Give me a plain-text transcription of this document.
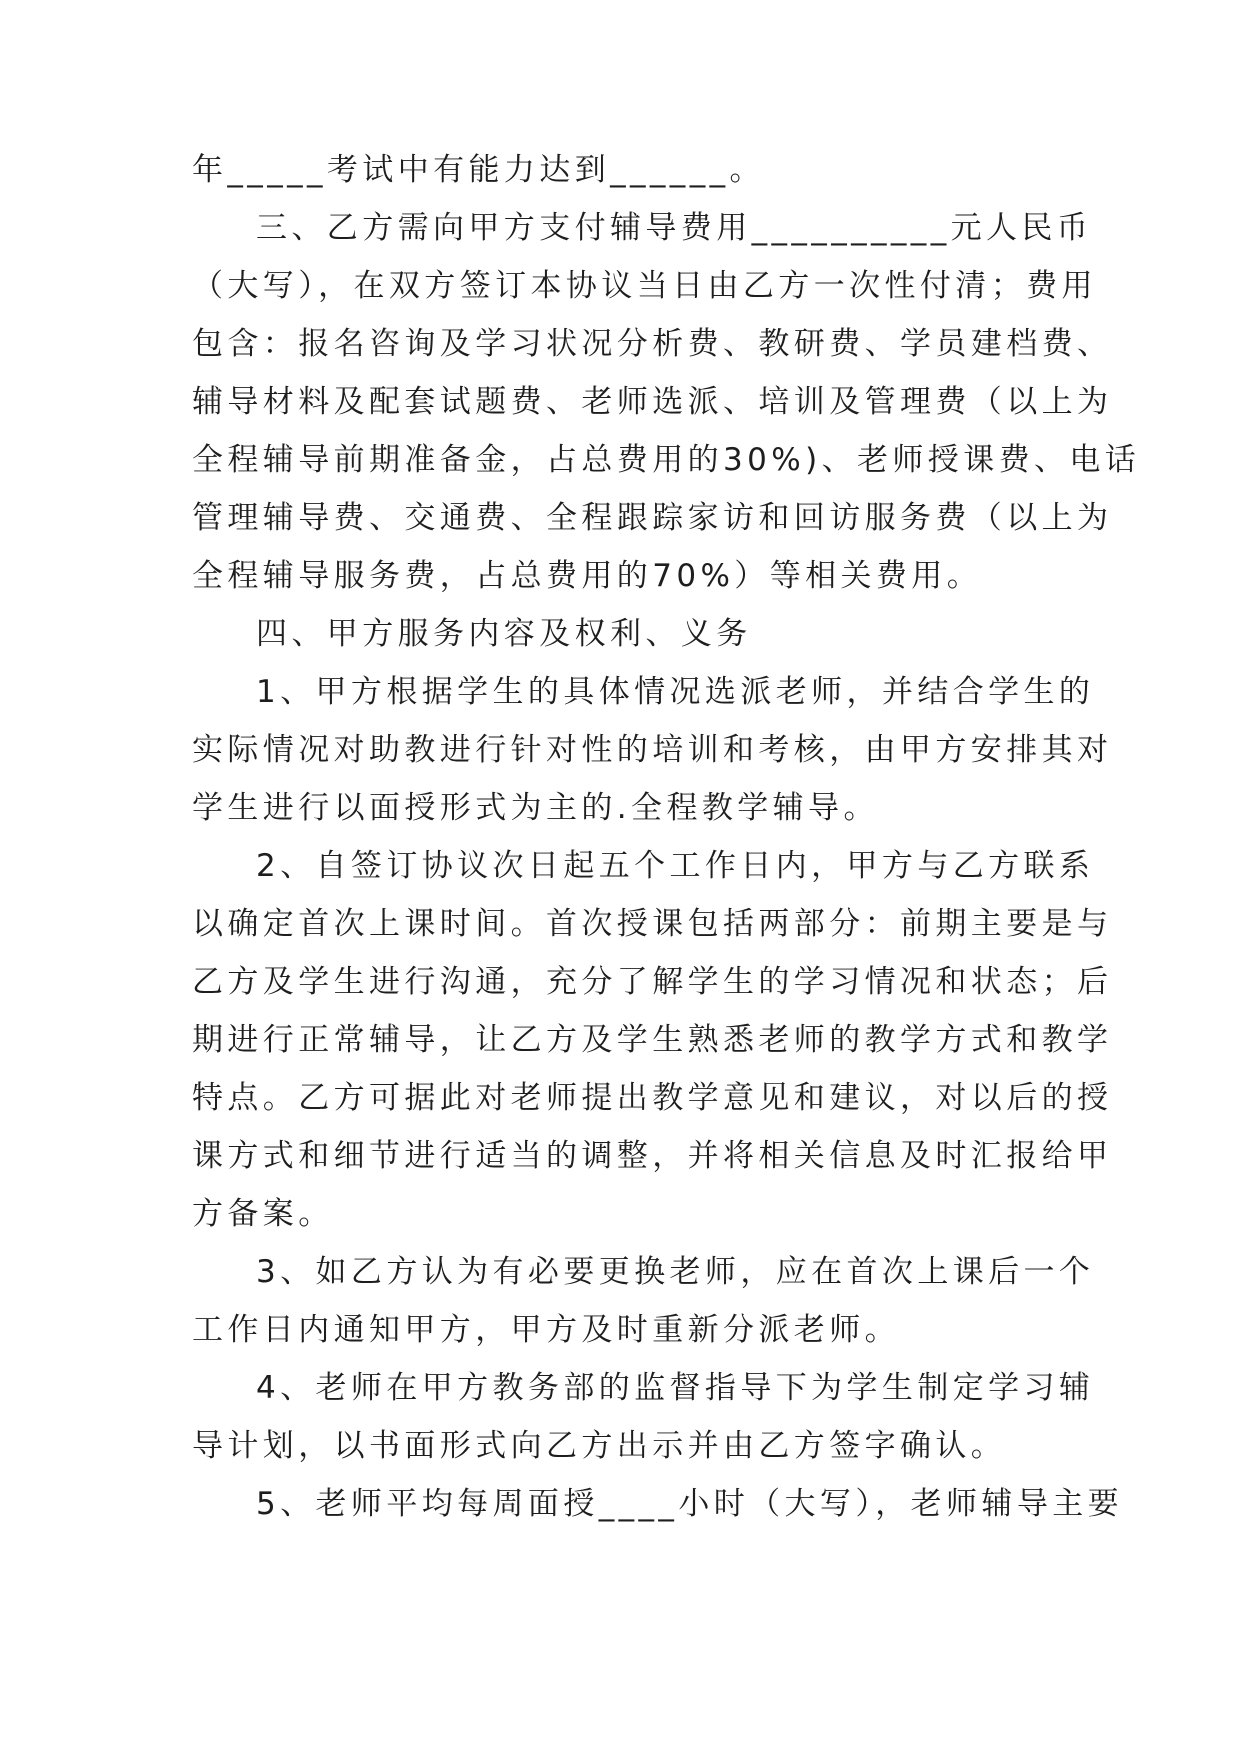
年_____考试中有能力达到______。
三、乙方需向甲方支付辅导费用__________元人民币
（大写），在双方签订本协议当日由乙方一次性付清；费用
包含：报名咨询及学习状况分析费、教研费、学员建档费、
辅导材料及配套试题费、老师选派、培训及管理费（以上为
全程辅导前期准备金，占总费用的30%)、老师授课费、电话
管理辅导费、交通费、全程跟踪家访和回访服务费（以上为
全程辅导服务费，占总费用的70%）等相关费用。
四、甲方服务内容及权利、义务
1、甲方根据学生的具体情况选派老师，并结合学生的
实际情况对助教进行针对性的培训和考核，由甲方安排其对
学生进行以面授形式为主的.全程教学辅导。
2、自签订协议次日起五个工作日内，甲方与乙方联系
以确定首次上课时间。首次授课包括两部分：前期主要是与
乙方及学生进行沟通，充分了解学生的学习情况和状态；后
期进行正常辅导，让乙方及学生熟悉老师的教学方式和教学
特点。乙方可据此对老师提出教学意见和建议，对以后的授
课方式和细节进行适当的调整，并将相关信息及时汇报给甲
方备案。
3、如乙方认为有必要更换老师，应在首次上课后一个
工作日内通知甲方，甲方及时重新分派老师。
4、老师在甲方教务部的监督指导下为学生制定学习辅
导计划，以书面形式向乙方出示并由乙方签字确认。
5、老师平均每周面授____小时（大写），老师辅导主要
